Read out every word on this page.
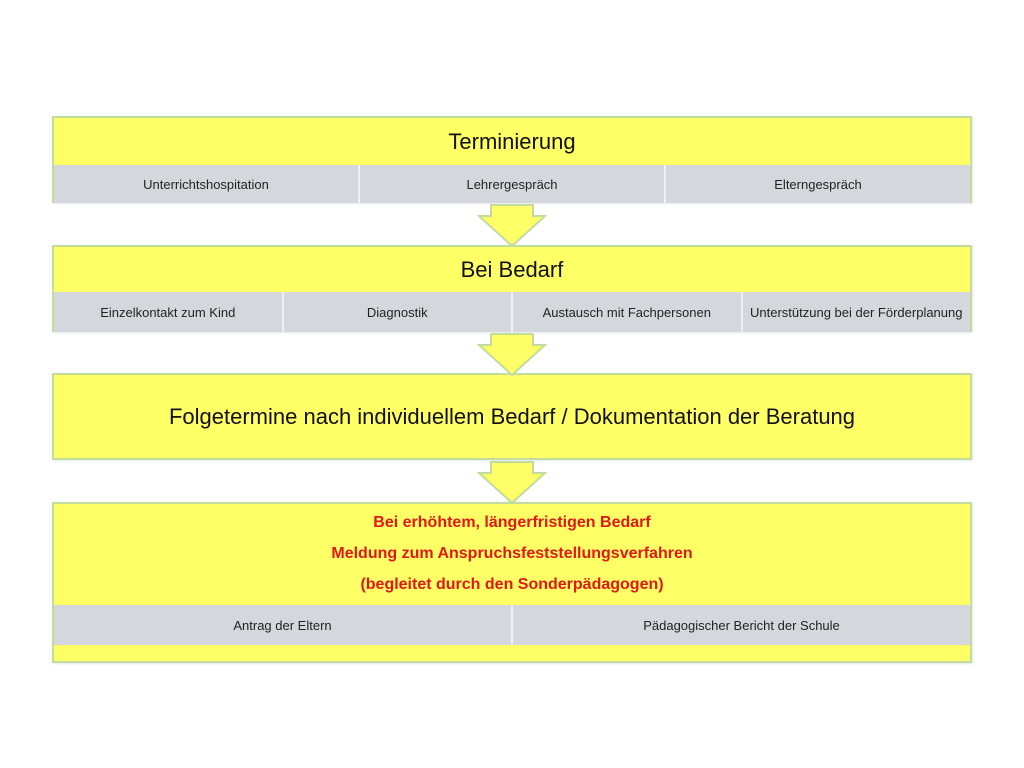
Terminierung
Unterrichtshospitation	Lehrergespräch	Elterngespräch
Bei Bedarf
Einzelkontakt zum Kind	Diagnostik	Austausch mit Fachpersonen	Unterstützung bei der Förderplanung
Folgetermine nach individuellem Bedarf / Dokumentation der Beratung
Bei erhöhtem, längerfristigen Bedarf
Meldung zum Anspruchsfeststellungsverfahren
(begleitet durch den Sonderpädagogen)
Antrag der Eltern	Pädagogischer Bericht der Schule
